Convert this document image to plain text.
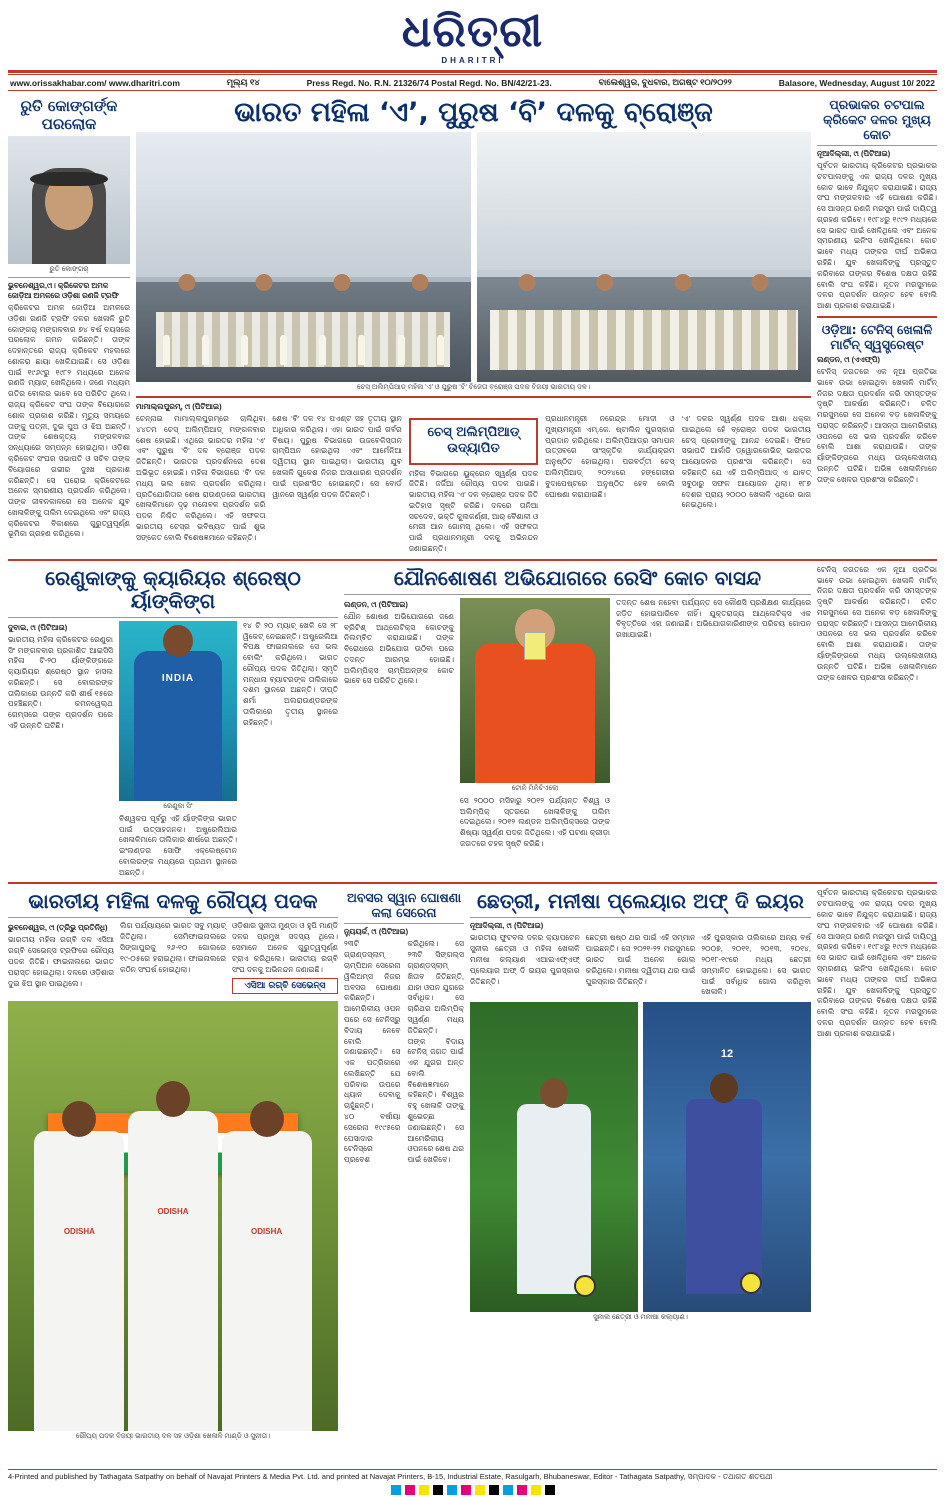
ଧରିତ୍ରୀ
DHARITRI
www.orissakhabar.com/ www.dharitri.com	ମୂଲ୍ୟ ୧୪	Press Regd. No. R.N. 21326/74 Postal Regd. No. BN/42/21-23.	ବାଲେଶ୍ୱର, ବୁଧବାର, ଅଗଷ୍ଟ ୧୦/୨୦୨୨	Balasore, Wednesday, August 10/ 2022
ରୁତି କୋଙ୍ଗର୍ଙ୍କ ପରଲୋକ
ରୁତି କୋଙ୍ଗର୍
ଭୁବନେଶ୍ୱର,୯ା। କ୍ରିକେଟର ଅମଳ ଜୋଡ଼ିଆ ଅମଳରେ ଓଡ଼ିଶା ରଣଜି ଟ୍ରଫି
କ୍ରିକେଟର ଅମଳ ଜୋଡ଼ିଆ ଅମଳରେ ଓଡ଼ିଶା ରଣଜି ଟ୍ରଫି ଦଳର ଖେଳାଳି ରୁତି କୋଙ୍ଗର୍ ମଙ୍ଗଳବାର ୭୪ ବର୍ଷ ବୟସରେ ପରଲୋକ ଗମନ କରିଛନ୍ତି। ତାଙ୍କ ଦେହାନ୍ତରେ ରାଜ୍ୟ କ୍ରିକେଟ ମହଲରେ ଶୋକର ଛାୟା ଖେଳିଯାଇଛି। ସେ ଓଡ଼ିଶା ପାଇଁ ୧୯୬୯ରୁ ୧୯୮୨ ମଧ୍ୟରେ ଅନେକ ରଣଜି ମ୍ୟାଚ୍ ଖେଳିଥିଲେ। ଜଣେ ମଧ୍ୟମ ଗତିର ବୋଲର ଭାବେ ସେ ପରିଚିତ ଥିଲେ। ରାଜ୍ୟ କ୍ରିକେଟ ସଂଘ ତାଙ୍କ ବିୟୋଗରେ ଶୋକ ପ୍ରକାଶ କରିଛି। ମୃତ୍ୟୁ ସମୟରେ ତାଙ୍କୁ ପତ୍ନୀ, ଦୁଇ ପୁଅ ଓ ଝିଅ ଅଛନ୍ତି। ତାଙ୍କ ଶେଷକୃତ୍ୟ ମଙ୍ଗଳବାର ସନ୍ଧ୍ୟାରେ ସମ୍ପନ୍ନ ହୋଇଥିଲା। ଓଡ଼ିଶା କ୍ରିକେଟ ସଂଘର ସଭାପତି ଓ ସଚିବ ତାଙ୍କ ବିୟୋଗରେ ଗଭୀର ଦୁଃଖ ପ୍ରକାଶ କରିଛନ୍ତି। ସେ ଘରୋଇ କ୍ରିକେଟରେ ଅନେକ ସ୍ମରଣୀୟ ପ୍ରଦର୍ଶନ କରିଥିଲେ। ତାଙ୍କ ଜୀବନକାଳରେ ସେ ଅନେକ ଯୁବ ଖେଳାଳିଙ୍କୁ ତାଲିମ ଦେଇଥିଲେ ଏବଂ ରାଜ୍ୟ କ୍ରିକେଟର ବିକାଶରେ ଗୁରୁତ୍ୱପୂର୍ଣ୍ଣ ଭୂମିକା ଗ୍ରହଣ କରିଥିଲେ।
ଭାରତ ମହିଳା ‘ଏ’, ପୁରୁଷ ‘ବି’ ଦଳକୁ ବ୍ରୋଞ୍ଜ
ଚେସ୍ ଅଲିମ୍ପିଆଡ୍ ମହିଳା ‘ଏ’ ଓ ପୁରୁଷ ‘ବି’ ବିଜେତା ବ୍ରୋଞ୍ଜ ପଦକ ବିଜୟୀ ଭାରତୀୟ ଦଳ।
ମାମାଲ୍ଲପୁରମ୍, ୯ା (ପିଟିଆଇ)
ଚେନ୍ନାଇ ମାମାଲ୍ଲପୁରମ୍‌ରେ ଚାଲିଥିବା ୪୪ତମ ଚେସ୍ ଅଲିମ୍ପିଆଡ୍ ମଙ୍ଗଳବାର ଶେଷ ହୋଇଛି। ଏଥିରେ ଭାରତର ମହିଳା ‘ଏ’ ଏବଂ ପୁରୁଷ ‘ବି’ ଦଳ ବ୍ରୋଞ୍ଜ ପଦକ ଜିତିଛନ୍ତି। ଭାରତର ପ୍ରଦର୍ଶନରେ ଦେଶ ଅଭିଭୂତ ହୋଇଛି। ମହିଳା ବିଭାଗରେ ‘ବି’ ଦଳ ମଧ୍ୟ ଭଲ ଖେଳ ପ୍ରଦର୍ଶନ କରିଥିଲା। ପ୍ରତିଯୋଗିତାର ଶେଷ ରାଉଣ୍ଡରେ ଭାରତୀୟ ଖେଳାଳିମାନେ ଦୃଢ଼ ମନୋବଳ ପ୍ରଦର୍ଶନ କରି ପଦକ ନିଶ୍ଚିତ କରିଥିଲେ। ଏହି ସଫଳତା ଭାରତୀୟ ଚେସ୍‌ର ଭବିଷ୍ୟତ ପାଇଁ ଶୁଭ ସଙ୍କେତ ବୋଲି ବିଶେଷଜ୍ଞମାନେ କହିଛନ୍ତି।
ଶେଷ ‘ବି’ ଦଳ ୧୪ ପଏଣ୍ଟ ସହ ତୃତୀୟ ସ୍ଥାନ ଅଧିକାର କରିଥିଲା। ଏହା ଭାରତ ପାଇଁ ଗର୍ବର ବିଷୟ। ପୁରୁଷ ବିଭାଗରେ ଉଜବେକିସ୍ତାନ ଚାମ୍ପିଅନ ହୋଇଥିଲା ଏବଂ ଆର୍ମେନିଆ ଦ୍ୱିତୀୟ ସ୍ଥାନ ପାଇଥିଲା। ଭାରତୀୟ ଯୁବ ଖେଳାଳି ଗୁକେଶ ନିଜର ଅସାଧାରଣ ପ୍ରଦର୍ଶନ ପାଇଁ ପ୍ରଶଂସିତ ହୋଇଛନ୍ତି। ସେ ବୋର୍ଡ ୱାନରେ ସ୍ୱର୍ଣ୍ଣ ପଦକ ଜିତିଛନ୍ତି।
ଚେସ୍ ଅଲିମ୍ପିଆଡ୍ ଉଦ୍ୟାପିତ
ମହିଳା ବିଭାଗରେ ୟୁକ୍ରେନ ସ୍ୱର୍ଣ୍ଣ ପଦକ ଜିତିଛି। ଜର୍ଜିଆ ରୌପ୍ୟ ପଦକ ପାଇଛି। ଭାରତୀୟ ମହିଳା ‘ଏ’ ଦଳ ବ୍ରୋଞ୍ଜ ପଦକ ଜିତି ଇତିହାସ ସୃଷ୍ଟି କରିଛି। ଦଳରେ ତାନିଆ ସଚଦେବ, ଭକ୍ତି କୁଲକର୍ଣ୍ଣୀ, ଆର୍ ବୈଶାଳୀ ଓ ମେରୀ ଆନ ଗୋମସ୍ ଥିଲେ। ଏହି ସଫଳତା ପାଇଁ ପ୍ରଧାନମନ୍ତ୍ରୀ ଦଳକୁ ଅଭିନନ୍ଦନ ଜଣାଇଛନ୍ତି।
ପ୍ରଧାନମନ୍ତ୍ରୀ ନରେନ୍ଦ୍ର ମୋଦୀ ଓ ମୁଖ୍ୟମନ୍ତ୍ରୀ ଏମ୍.କେ. ଷ୍ଟାଲିନ ପୁରସ୍କାର ପ୍ରଦାନ କରିଥିଲେ। ଅଲିମ୍ପିଆଡ୍‌ର ସମାପନ ଉତ୍ସବରେ ସାଂସ୍କୃତିକ କାର୍ଯ୍ୟକ୍ରମ ଅନୁଷ୍ଠିତ ହୋଇଥିଲା। ପରବର୍ତ୍ତୀ ଚେସ୍ ଅଲିମ୍ପିଆଡ୍ ୨୦୨୪ରେ ହଙ୍ଗେରୀର ବୁଦାପେଷ୍ଟରେ ଅନୁଷ୍ଠିତ ହେବ ବୋଲି ଘୋଷଣା କରାଯାଇଛି।
‘ଏ’ ଦଳର ସ୍ୱର୍ଣ୍ଣ ପଦକ ଆଶା ଧକ୍କା ପାଇଥିଲେ ହେଁ ବ୍ରୋଞ୍ଜ ପଦକ ଭାରତୀୟ ଚେସ୍ ପ୍ରେମୀଙ୍କୁ ଆନନ୍ଦ ଦେଇଛି। ଫିଡେ ସଭାପତି ଆର୍କାଡି ଡ୍ୱୋରକୋଭିଚ୍ ଭାରତର ଆୟୋଜନର ପ୍ରଶଂସା କରିଛନ୍ତି। ସେ କହିଛନ୍ତି ଯେ ଏହି ଅଲିମ୍ପିଆଡ୍ ଏ ଯାବତ୍ ସବୁଠାରୁ ସଫଳ ଆୟୋଜନ ଥିଲା। ୧୮୭ ଦେଶର ପ୍ରାୟ ୨୦୦୦ ଖେଳାଳି ଏଥିରେ ଭାଗ ନେଇଥିଲେ।
ପ୍ରଭାକର ଚଟପାଲ କ୍ରିକେଟ ଦଳର ମୁଖ୍ୟ କୋଚ
ନୂଆଦିଲ୍ଲୀ, ୯ା (ପିଟିଆଇ)
ପୂର୍ବତନ ଭାରତୀୟ କ୍ରିକେଟର ପ୍ରଭାକର ଚଟପାଲଙ୍କୁ ଏକ ରାଜ୍ୟ ଦଳର ମୁଖ୍ୟ କୋଚ ଭାବେ ନିଯୁକ୍ତ କରାଯାଇଛି। ରାଜ୍ୟ ସଂଘ ମଙ୍ଗଳବାର ଏହି ଘୋଷଣା କରିଛି। ସେ ଆସନ୍ତା ରଣଜି ମରସୁମ ପାଇଁ ଦାୟିତ୍ୱ ଗ୍ରହଣ କରିବେ। ୧୯୮୪ରୁ ୧୯୯୨ ମଧ୍ୟରେ ସେ ଭାରତ ପାଇଁ ଖେଳିଥିଲେ ଏବଂ ଅନେକ ସ୍ମରଣୀୟ ଇନିଂସ ଖେଳିଥିଲେ। କୋଚ ଭାବେ ମଧ୍ୟ ତାଙ୍କର ଦୀର୍ଘ ଅଭିଜ୍ଞତା ରହିଛି। ଯୁବ ଖେଳାଳିଙ୍କୁ ପ୍ରସ୍ତୁତ କରିବାରେ ତାଙ୍କର ବିଶେଷ ଦକ୍ଷତା ରହିଛି ବୋଲି ସଂଘ କହିଛି। ନୂତନ ମରସୁମରେ ଦଳର ପ୍ରଦର୍ଶନ ଉନ୍ନତ ହେବ ବୋଲି ଆଶା ପ୍ରକାଶ କରାଯାଇଛି।
ଓଡ଼ିଆ: ଟେନିସ୍ ଖେଳାଳି ମାର୍ଟିନ୍ ସ୍ୱସ୍ତ୍ରେଷ୍ଟ
ଲଣ୍ଡନ, ୯ା (ଏଏଫ୍‌ପି)
ଟେନିସ୍ ଜଗତରେ ଏକ ନୂଆ ପ୍ରତିଭା ଭାବେ ଉଭା ହୋଇଥିବା ଖେଳାଳି ମାର୍ଟିନ୍ ନିଜର ଦକ୍ଷତା ପ୍ରଦର୍ଶନ କରି ସମସ୍ତଙ୍କ ଦୃଷ୍ଟି ଆକର୍ଷଣ କରିଛନ୍ତି। ଚଳିତ ମରସୁମରେ ସେ ଅନେକ ବଡ଼ ଖେଳାଳିଙ୍କୁ ପରାସ୍ତ କରିଛନ୍ତି। ଆସନ୍ତା ଆମେରିକୀୟ ଓପନରେ ସେ ଭଲ ପ୍ରଦର୍ଶନ କରିବେ ବୋଲି ଆଶା କରାଯାଉଛି। ତାଙ୍କ ର୍ୟାଙ୍କିଙ୍ଗରେ ମଧ୍ୟ ଉଲ୍ଲେଖନୀୟ ଉନ୍ନତି ଘଟିଛି। ଅଭିଜ୍ଞ ଖେଳାଳିମାନେ ତାଙ୍କ ଖେଳର ପ୍ରଶଂସା କରିଛନ୍ତି।
ରେଣୁକାଙ୍କୁ କ୍ୟାରିୟର ଶ୍ରେଷ୍ଠ ର୍ୟାଙ୍କିଙ୍ଗ
ଦୁବାଇ, ୯ା (ପିଟିଆଇ)
ଭାରତୀୟ ମହିଳା କ୍ରିକେଟର ରେଣୁକା ସିଂ ମଙ୍ଗଳବାର ପ୍ରକାଶିତ ଆଇସିସି ମହିଳା ଟି-୨୦ ର୍ୟାଙ୍କିଙ୍ଗରେ କ୍ୟାରିୟର ଶ୍ରେଷ୍ଠ ସ୍ଥାନ ହାସଲ କରିଛନ୍ତି। ସେ ବୋଲରଙ୍କ ତାଲିକାରେ ଉନ୍ନତି କରି ଶୀର୍ଷ ୧୫ରେ ପହଞ୍ଚିଛନ୍ତି। କମନୱେଲ୍ଥ ଗେମ୍ସରେ ତାଙ୍କ ପ୍ରଦର୍ଶନ ପରେ ଏହି ଉନ୍ନତି ଘଟିଛି।
INDIA
ରେଣୁକା ସିଂ
ବିଶ୍ୱକପ ପୂର୍ବରୁ ଏହି ର୍ୟାଙ୍କିଙ୍ଗ ଭାରତ ପାଇଁ ଉତ୍ସାହଜନକ। ଅଷ୍ଟ୍ରେଲିଆର ଖେଳାଳିମାନେ ତାଲିକାର ଶୀର୍ଷରେ ଅଛନ୍ତି। ଇଂଲଣ୍ଡର ସୋଫି ଏକ୍ଲେଷ୍ଟୋନ ବୋଲରଙ୍କ ମଧ୍ୟରେ ପ୍ରଥମ ସ୍ଥାନରେ ଅଛନ୍ତି।
୧୪ ଟି ୨୦ ମ୍ୟାଚ୍ ଖେଳି ସେ ୨୮ ୱିକେଟ୍ ନେଇଛନ୍ତି। ଅଷ୍ଟ୍ରେଲିଆ ବିପକ୍ଷ ଫାଇନାଲରେ ସେ ଭଲ ବୋଲିଂ କରିଥିଲେ। ଭାରତ ରୌପ୍ୟ ପଦକ ଜିତିଥିଲା। ସ୍ମୃତି ମନ୍ଧାନା ବ୍ୟାଟରଙ୍କ ତାଲିକାରେ ଦଶମ ସ୍ଥାନରେ ଅଛନ୍ତି। ଦୀପ୍ତି ଶର୍ମା ଅଲରାଉଣ୍ଡରଙ୍କ ତାଲିକାରେ ତୃତୀୟ ସ୍ଥାନରେ ରହିଛନ୍ତି।
ଯୌନଶୋଷଣ ଅଭିଯୋଗରେ ରେସିଂ କୋଚ ବାସନ୍ଦ
ଲଣ୍ଡନ, ୯ା (ପିଟିଆଇ)
ଯୌନ ଶୋଷଣ ଅଭିଯୋଗରେ ଜଣେ ବ୍ରିଟିଶ୍ ଆଥ୍‌ଲେଟିକ୍ସ କୋଚଙ୍କୁ ନିଲମ୍ବିତ କରାଯାଇଛି। ତାଙ୍କ ବିରୋଧରେ ଅଭିଯୋଗ ଉଠିବା ପରେ ତଦନ୍ତ ଆରମ୍ଭ ହୋଇଛି। ଅଲିମ୍ପିକ୍ସ ଚାମ୍ପିଅନ୍‌ଙ୍କ କୋଚ ଭାବେ ସେ ପରିଚିତ ଥିଲେ।
ଟୋନି ମିନିଚିଏଲୋ
ସେ ୨୦୦୦ ମସିହାରୁ ୨୦୧୨ ପର୍ଯ୍ୟନ୍ତ ବିଶ୍ୱ ଓ ଅଲିମ୍ପିକ୍ ସ୍ତରରେ ଖେଳାଳିଙ୍କୁ ତାଲିମ ଦେଇଥିଲେ। ୨୦୧୨ ଲଣ୍ଡନ ଅଲିମ୍ପିକ୍ସରେ ତାଙ୍କ ଶିଷ୍ୟା ସ୍ୱର୍ଣ୍ଣ ପଦକ ଜିତିଥିଲେ। ଏହି ଘଟଣା କ୍ରୀଡ଼ା ଜଗତରେ ଚହଳ ସୃଷ୍ଟି କରିଛି।
ତଦନ୍ତ ଶେଷ ନହେବା ପର୍ଯ୍ୟନ୍ତ ସେ କୌଣସି ପ୍ରଶିକ୍ଷଣ କାର୍ଯ୍ୟରେ ଜଡ଼ିତ ହୋଇପାରିବେ ନାହିଁ। ଯୁକ୍ତରାଜ୍ୟ ଆଥ୍‌ଲେଟିକ୍ସ ଏକ ବିବୃତ୍ତିରେ ଏହା ଜଣାଇଛି। ଅଭିଯୋଗକାରିଣୀଙ୍କ ପରିଚୟ ଗୋପନ ରଖାଯାଇଛି।
ଟେନିସ୍ ଜଗତରେ ଏକ ନୂଆ ପ୍ରତିଭା ଭାବେ ଉଭା ହୋଇଥିବା ଖେଳାଳି ମାର୍ଟିନ୍ ନିଜର ଦକ୍ଷତା ପ୍ରଦର୍ଶନ କରି ସମସ୍ତଙ୍କ ଦୃଷ୍ଟି ଆକର୍ଷଣ କରିଛନ୍ତି। ଚଳିତ ମରସୁମରେ ସେ ଅନେକ ବଡ଼ ଖେଳାଳିଙ୍କୁ ପରାସ୍ତ କରିଛନ୍ତି। ଆସନ୍ତା ଆମେରିକୀୟ ଓପନରେ ସେ ଭଲ ପ୍ରଦର୍ଶନ କରିବେ ବୋଲି ଆଶା କରାଯାଉଛି। ତାଙ୍କ ର୍ୟାଙ୍କିଙ୍ଗରେ ମଧ୍ୟ ଉଲ୍ଲେଖନୀୟ ଉନ୍ନତି ଘଟିଛି। ଅଭିଜ୍ଞ ଖେଳାଳିମାନେ ତାଙ୍କ ଖେଳର ପ୍ରଶଂସା କରିଛନ୍ତି।
ଭାରତୀୟ ମହିଳା ଦଳକୁ ରୌପ୍ୟ ପଦକ
ଭୁବନେଶ୍ୱର, ୯ା (ତ୍ରିଭୁ ପ୍ରତିନିଧି)
ଭାରତୀୟ ମହିଳା ରଗ୍‌ବି ଦଳ ଏସିଆ ରଗ୍‌ବି ସେଭେନ୍ସ ଟ୍ରଫିରେ ରୌପ୍ୟ ପଦକ ଜିତିଛି। ଫାଇନାଲରେ ଭାରତ ପରାସ୍ତ ହୋଇଥିଲା। ଦଳରେ ଓଡ଼ିଶାର ଦୁଇ ଝିଅ ସ୍ଥାନ ପାଇଥିଲେ।
ଲିଗ ପର୍ଯ୍ୟାୟରେ ଭାରତ ସବୁ ମ୍ୟାଚ୍ ଜିତିଥିଲା। ସେମିଫାଇନାଲରେ ସିଙ୍ଗାପୁରକୁ ୨୬-୧୦ ଗୋଲରେ ୧୯-୦୫ରେ ହରାଇଥିଲା। ଫାଇନାଲରେ କଠିନ ସଂଘର୍ଷ ହୋଇଥିଲା।
ଓଡ଼ିଶାର ସୁନୀତା ମୁଣ୍ଡା ଓ ହୁପି ମାଣ୍ଡି ଦଳର ପ୍ରମୁଖ ସଦସ୍ୟ ଥିଲେ। ସେମାନେ ଅନେକ ଗୁରୁତ୍ୱପୂର୍ଣ୍ଣ ଟ୍ରାଏ କରିଥିଲେ। ଭାରତୀୟ ରଗ୍‌ବି ସଂଘ ଦଳକୁ ଅଭିନନ୍ଦନ ଜଣାଇଛି।
ଏସିଆ ରଗ୍‌ବି ସେଭେନ୍ସ
ODISHA
ODISHA
ODISHA
ରୌପ୍ୟ ପଦକ ବିଜୟୀ ଭାରତୀୟ ଦଳ ସହ ଓଡ଼ିଶା ଖେଳାଳି ମାଣ୍ଡି ଓ ସୁନୀତା।
ଅବସର ସ୍ୱାନ ଘୋଷଣା କଲା ସେରେନା
ନ୍ୟୁୟର୍କ, ୯ା (ପିଟିଆଇ)
୨୩ଟି ଗ୍ରାଣ୍ଡସ୍ଲାମ୍ ଚାମ୍ପିଅନ ସେରେନା ୱିଲିଅମ୍ସ ନିଜର ଅବସର ଘୋଷଣା କରିଛନ୍ତି। ଆମେରିକୀୟ ଓପନ ପରେ ସେ ଟେନିସ୍‌ରୁ ବିଦାୟ ନେବେ ବୋଲି ଜଣାଇଛନ୍ତି। ସେ ଏକ ପତ୍ରିକାରେ ଲେଖିଛନ୍ତି ଯେ ପରିବାର ଉପରେ ଧ୍ୟାନ ଦେବାକୁ ଚାହୁଁଛନ୍ତି।
୪୦ ବର୍ଷୀୟା ସେରେନା ୧୯୯୫ରେ ପେସାଦାର ଟେନିସ୍‌ରେ ପ୍ରବେଶ କରିଥିଲେ। ସେ ୨୩ଟି ସିଙ୍ଗଲ୍ସ ଗ୍ରାଣ୍ଡସ୍ଲାମ୍ ଖିତାବ ଜିତିଛନ୍ତି, ଯାହା ଓପନ ଯୁଗରେ ସର୍ବାଧିକ। ସେ ଚାରିଥର ଅଲିମ୍ପିକ୍ ସ୍ୱର୍ଣ୍ଣ ମଧ୍ୟ ଜିତିଛନ୍ତି।
ତାଙ୍କ ବିଦାୟ ଟେନିସ୍ ଜଗତ ପାଇଁ ଏକ ଯୁଗର ଅନ୍ତ ବୋଲି ବିଶେଷଜ୍ଞମାନେ କହିଛନ୍ତି। ବିଶ୍ୱର ବହୁ ଖେଳାଳି ତାଙ୍କୁ ଶୁଭେଚ୍ଛା ଜଣାଇଛନ୍ତି। ସେ ଆମେରିକୀୟ ଓପନରେ ଶେଷ ଥର ପାଇଁ ଖେଳିବେ।
ଛେତ୍ରୀ, ମନୀଷା ପ୍ଲେୟାର ଅଫ୍ ଦି ଇୟର
ନୂଆଦିଲ୍ଲୀ, ୯ା (ପିଟିଆଇ)
ଭାରତୀୟ ଫୁଟବଲ ଦଳର କ୍ୟାପଟେନ ସୁନୀଲ ଛେତ୍ରୀ ଓ ମହିଳା ଖେଳାଳି ମନୀଷା କଲ୍ୟାଣ ଏଆଇଏଫ୍‌ଏଫ୍ ପ୍ଲେୟାର ଅଫ୍ ଦି ଇୟର ପୁରସ୍କାର ଜିତିଛନ୍ତି।
ଛେତ୍ରୀ ଷଷ୍ଠ ଥର ପାଇଁ ଏହି ସମ୍ମାନ ପାଇଛନ୍ତି। ସେ ୨୦୨୧-୨୨ ମରସୁମରେ ଭାରତ ପାଇଁ ଅନେକ ଗୋଲ କରିଥିଲେ। ମନୀଷା ଦ୍ୱିତୀୟ ଥର ପାଇଁ ପୁରସ୍କାର ଜିତିଛନ୍ତି।
ଏହି ପୁରସ୍କାର ତାଲିକାରେ ଅନ୍ୟ ବର୍ଷ ୨୦୦୭, ୨୦୧୧, ୨୦୧୩, ୨୦୧୪, ୨୦୧୮-୧୯ରେ ମଧ୍ୟ ଛେତ୍ରୀ ସମ୍ମାନିତ ହୋଇଥିଲେ। ସେ ଭାରତ ପାଇଁ ସର୍ବାଧିକ ଗୋଲ କରିଥିବା ଖେଳାଳି।
12
ସୁନୀଲ ଛେତ୍ରୀ ଓ ମନୀଷା କଲ୍ୟାଣ।
ପୂର୍ବତନ ଭାରତୀୟ କ୍ରିକେଟର ପ୍ରଭାକର ଚଟପାଲଙ୍କୁ ଏକ ରାଜ୍ୟ ଦଳର ମୁଖ୍ୟ କୋଚ ଭାବେ ନିଯୁକ୍ତ କରାଯାଇଛି। ରାଜ୍ୟ ସଂଘ ମଙ୍ଗଳବାର ଏହି ଘୋଷଣା କରିଛି। ସେ ଆସନ୍ତା ରଣଜି ମରସୁମ ପାଇଁ ଦାୟିତ୍ୱ ଗ୍ରହଣ କରିବେ। ୧୯୮୪ରୁ ୧୯୯୨ ମଧ୍ୟରେ ସେ ଭାରତ ପାଇଁ ଖେଳିଥିଲେ ଏବଂ ଅନେକ ସ୍ମରଣୀୟ ଇନିଂସ ଖେଳିଥିଲେ। କୋଚ ଭାବେ ମଧ୍ୟ ତାଙ୍କର ଦୀର୍ଘ ଅଭିଜ୍ଞତା ରହିଛି। ଯୁବ ଖେଳାଳିଙ୍କୁ ପ୍ରସ୍ତୁତ କରିବାରେ ତାଙ୍କର ବିଶେଷ ଦକ୍ଷତା ରହିଛି ବୋଲି ସଂଘ କହିଛି। ନୂତନ ମରସୁମରେ ଦଳର ପ୍ରଦର୍ଶନ ଉନ୍ନତ ହେବ ବୋଲି ଆଶା ପ୍ରକାଶ କରାଯାଇଛି।
4-Printed and published by Tathagata Satpathy on behalf of Navajat Printers & Media Pvt. Ltd. and printed at Navajat Printers, B-15, Industrial Estate, Rasulgarh, Bhubaneswar, Editor - Tathagata Satpathy, ସମ୍ପାଦକ - ତଥାଗତ ଶତପଥୀ
